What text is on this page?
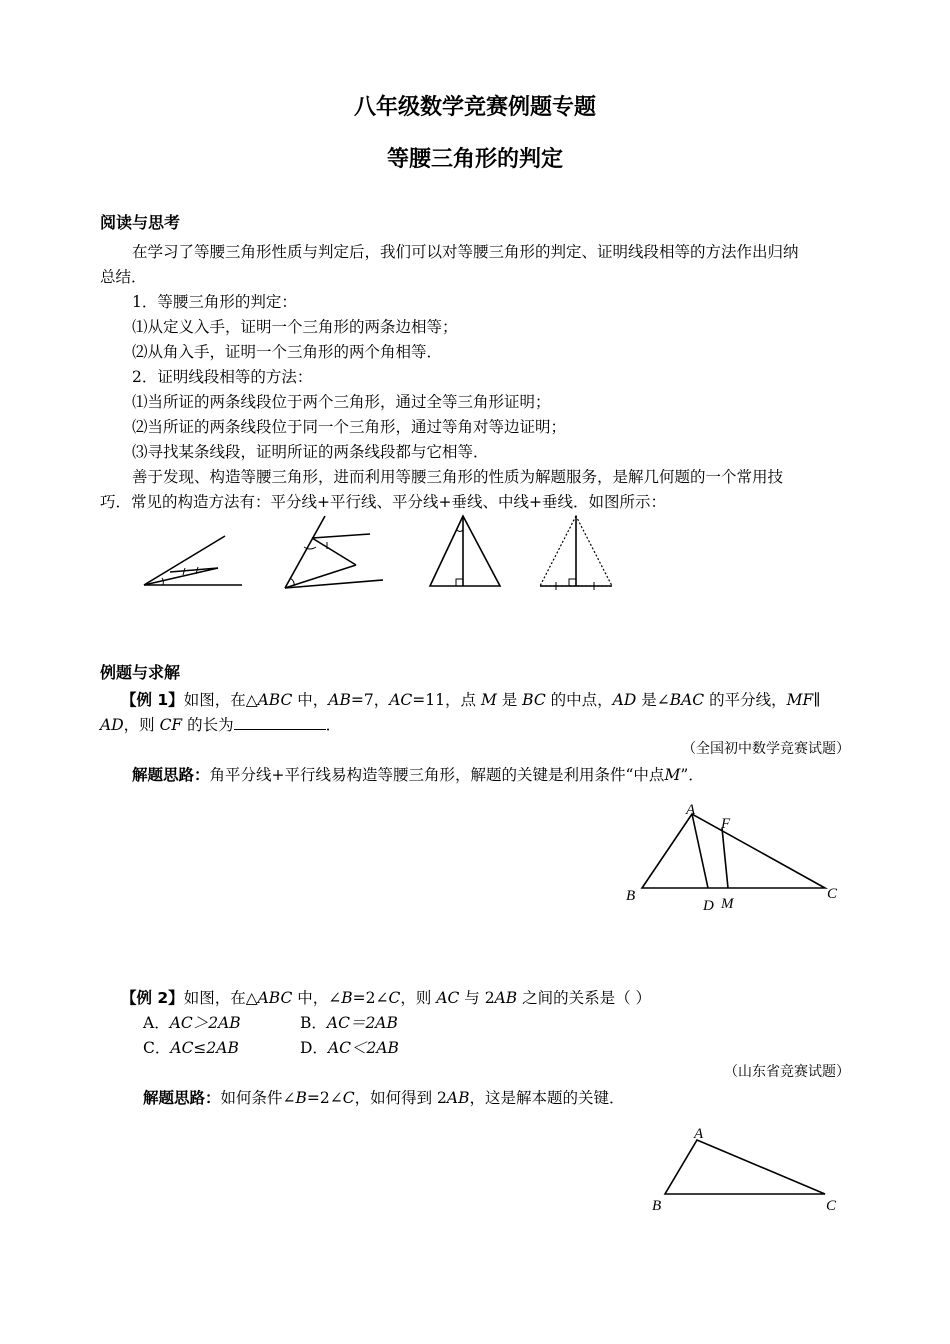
八年级数学竞赛例题专题
等腰三角形的判定
阅读与思考
在学习了等腰三角形性质与判定后，我们可以对等腰三角形的判定、证明线段相等的方法作出归纳
总结．
1．等腰三角形的判定：
⑴从定义入手，证明一个三角形的两条边相等；
⑵从角入手，证明一个三角形的两个角相等．
2．证明线段相等的方法：
⑴当所证的两条线段位于两个三角形，通过全等三角形证明；
⑵当所证的两条线段位于同一个三角形，通过等角对等边证明；
⑶寻找某条线段，证明所证的两条线段都与它相等．
善于发现、构造等腰三角形，进而利用等腰三角形的性质为解题服务，是解几何题的一个常用技
巧．常见的构造方法有：平分线+平行线、平分线+垂线、中线+垂线．如图所示：
例题与求解
【例 1】如图，在△ABC 中，AB=7，AC=11，点 M 是 BC 的中点，AD 是∠BAC 的平分线，MF∥
AD，则 CF 的长为	．
（全国初中数学竞赛试题）
解题思路：角平分线+平行线易构造等腰三角形，解题的关键是利用条件“中点M”．
A
F
B	C
D M
【例 2】如图，在△ABC 中，∠B=2∠C，则 AC 与 2AB 之间的关系是（ ）
A．AC＞2AB	B．AC＝2AB
C．AC≤2AB	D．AC＜2AB
（山东省竞赛试题）
解题思路：如何条件∠B=2∠C，如何得到 2AB，这是解本题的关键．
A
B	C
